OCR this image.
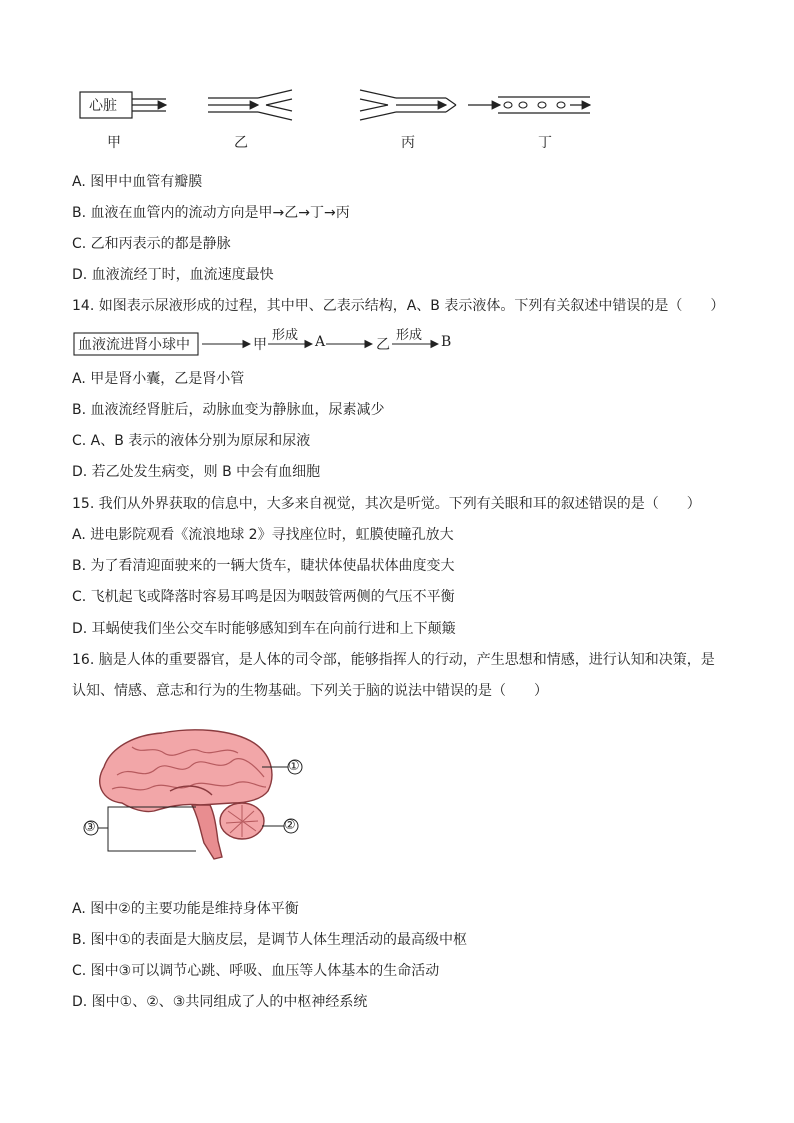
心脏
甲	乙	丙	丁
A. 图甲中血管有瓣膜
B. 血液在血管内的流动方向是甲→乙→丁→丙
C. 乙和丙表示的都是静脉
D. 血液流经丁时，血流速度最快
14. 如图表示尿液形成的过程，其中甲、乙表示结构，A、B 表示液体。下列有关叙述中错误的是（　　）
血液流进肾小球中	甲
形成 A	乙
形成 B
A. 甲是肾小囊，乙是肾小管
B. 血液流经肾脏后，动脉血变为静脉血，尿素减少
C. A、B 表示的液体分别为原尿和尿液
D. 若乙处发生病变，则 B 中会有血细胞
15. 我们从外界获取的信息中，大多来自视觉，其次是听觉。下列有关眼和耳的叙述错误的是（　　）
A. 进电影院观看《流浪地球 2》寻找座位时，虹膜使瞳孔放大
B. 为了看清迎面驶来的一辆大货车，睫状体使晶状体曲度变大
C. 飞机起飞或降落时容易耳鸣是因为咽鼓管两侧的气压不平衡
D. 耳蜗使我们坐公交车时能够感知到车在向前行进和上下颠簸
16. 脑是人体的重要器官，是人体的司令部，能够指挥人的行动，产生思想和情感，进行认知和决策，是
认知、情感、意志和行为的生物基础。下列关于脑的说法中错误的是（　　）
①
②
③
A. 图中②的主要功能是维持身体平衡
B. 图中①的表面是大脑皮层，是调节人体生理活动的最高级中枢
C. 图中③可以调节心跳、呼吸、血压等人体基本的生命活动
D. 图中①、②、③共同组成了人的中枢神经系统
